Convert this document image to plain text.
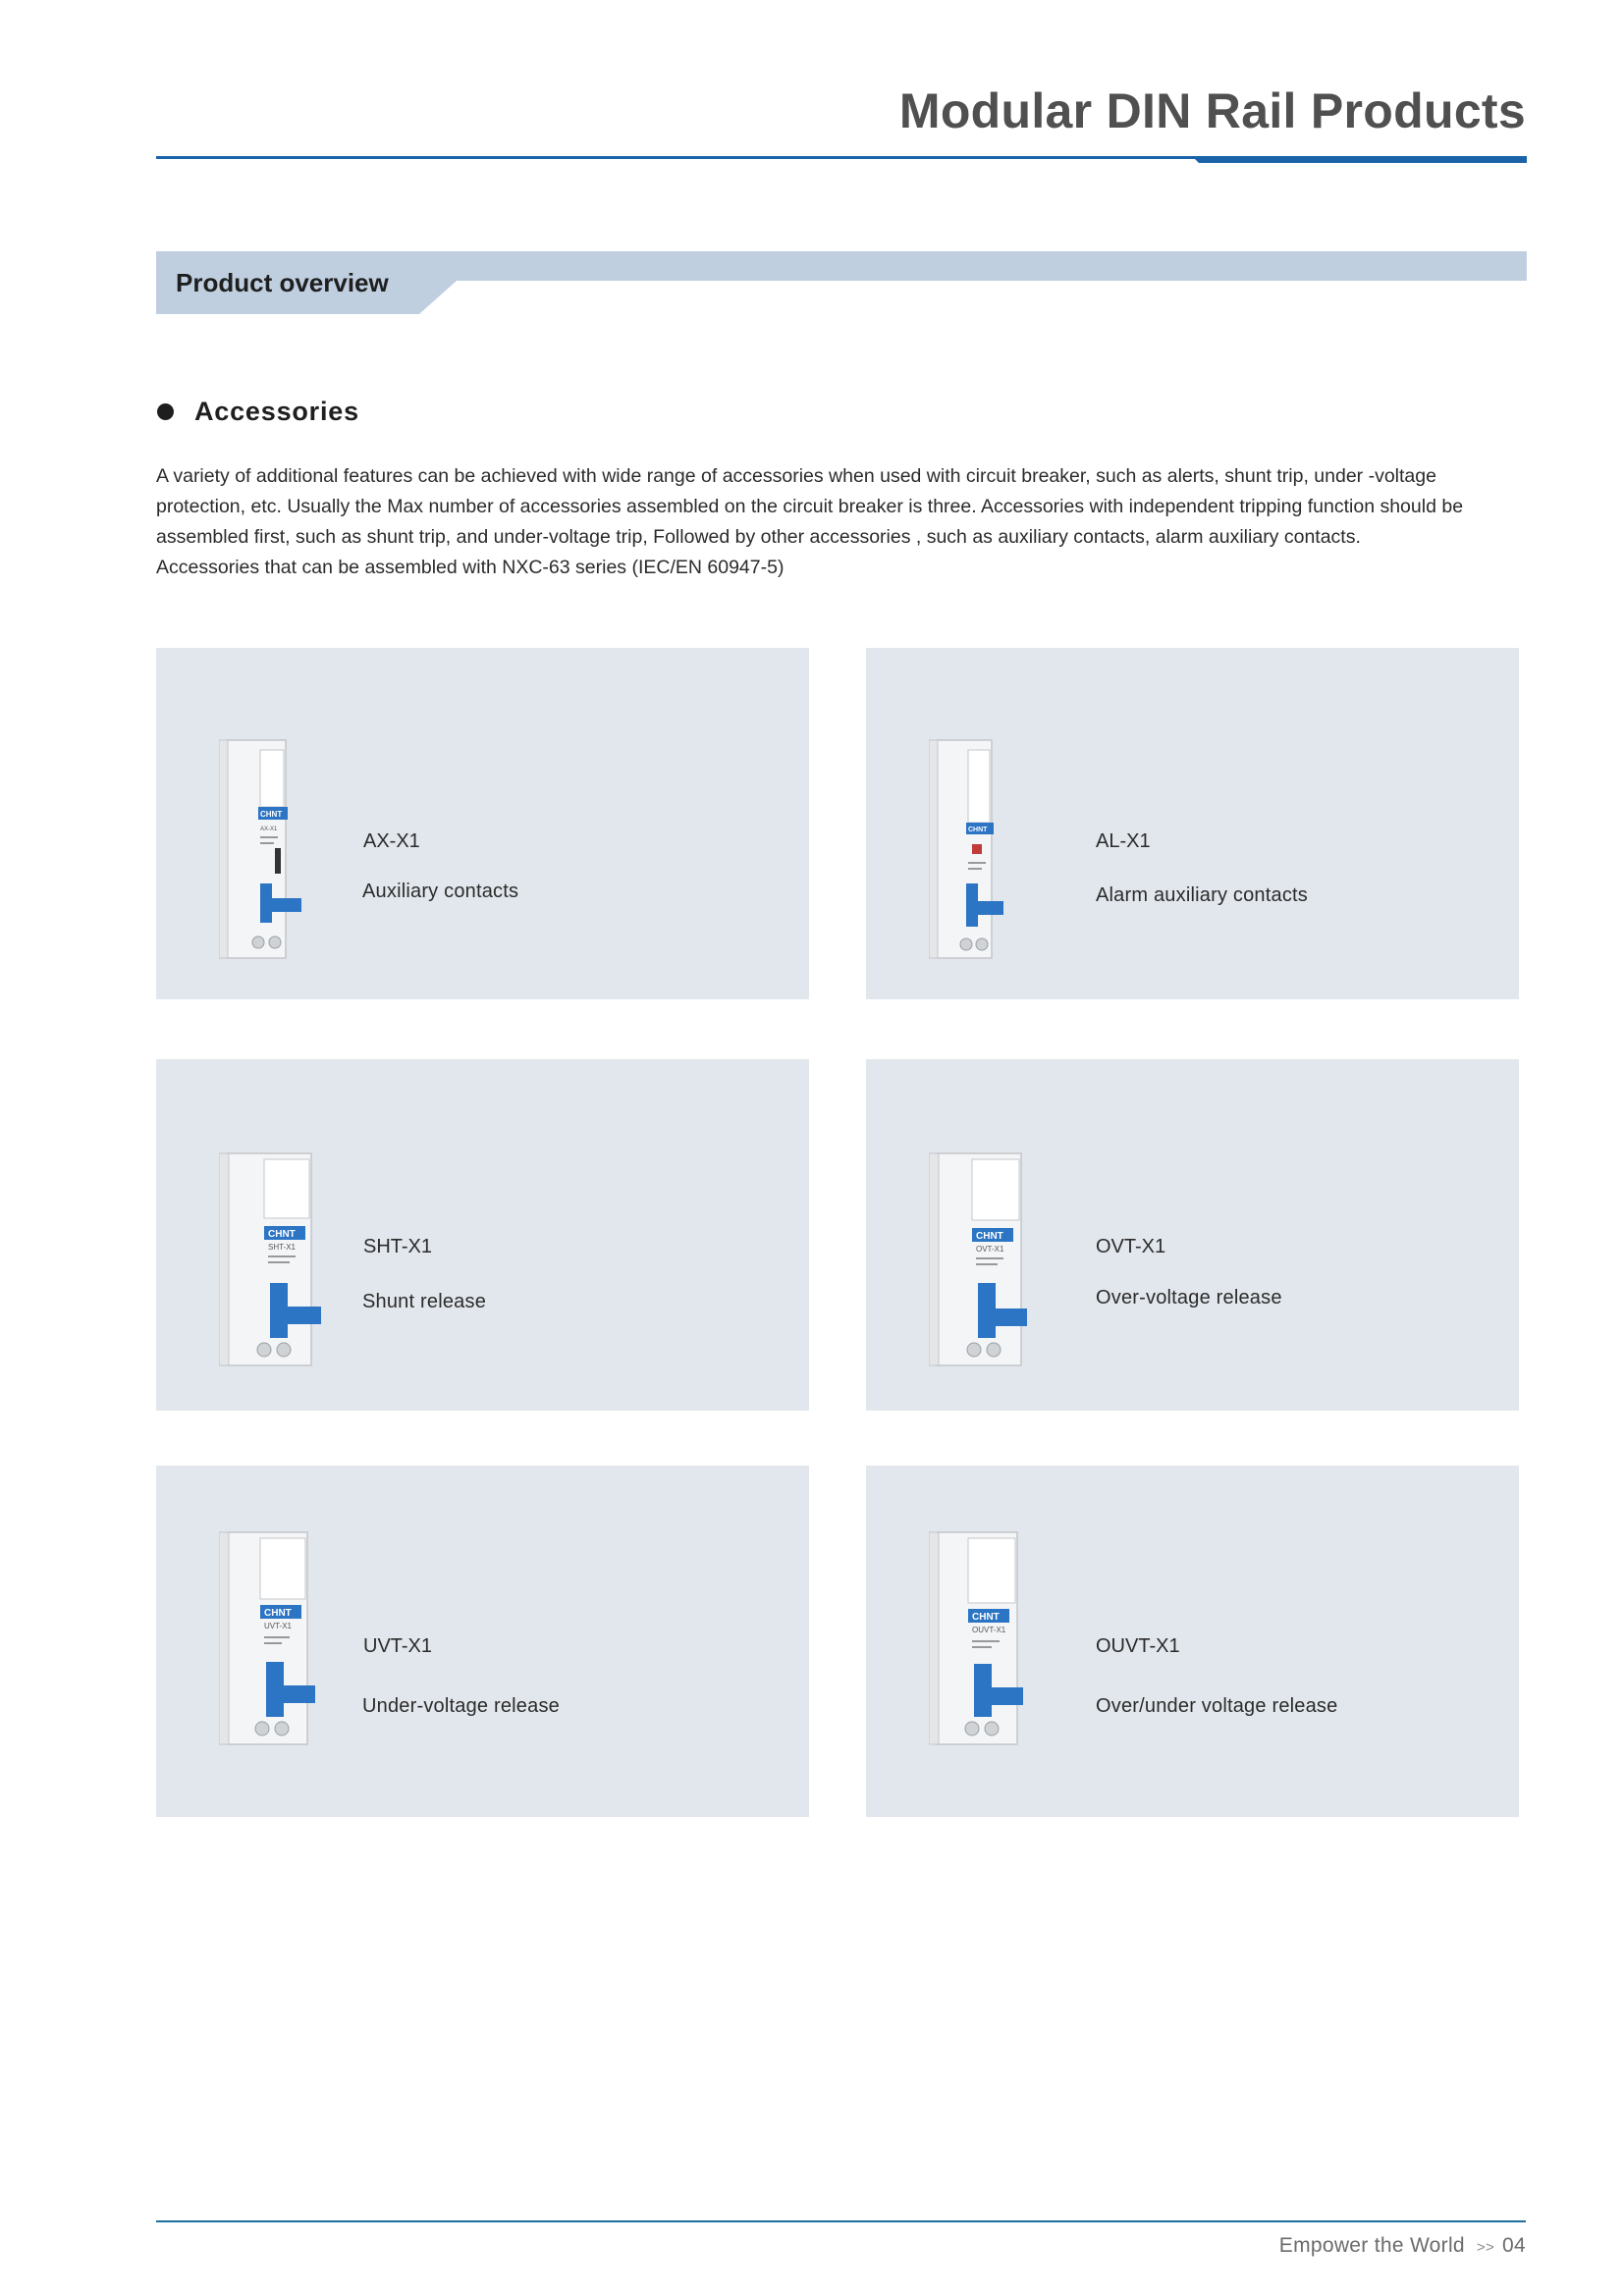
Modular DIN Rail Products
Product overview
Accessories

A variety of additional features can be achieved with wide range of accessories when used with circuit breaker, such as alerts, shunt trip, under -voltage protection, etc. Usually the Max number of accessories assembled on the circuit breaker is three. Accessories with independent tripping function should be assembled first, such as shunt trip, and under-voltage trip, Followed by other accessories , such as auxiliary contacts, alarm auxiliary contacts.

Accessories that can be assembled with NXC-63 series (IEC/EN 60947-5)

CHNT
AX-X1
AX-X1
Auxiliary contacts
CHNT
AL-X1
Alarm auxiliary contacts
CHNT
SHT-X1	SHT-X1
Shunt release
CHNT
OVT-X1	OVT-X1
Over-voltage release
CHNT
UVT-X1
UVT-X1
Under-voltage release
CHNT
OUVT-X1
OUVT-X1
Over/under voltage release
Empower the World >> 04
